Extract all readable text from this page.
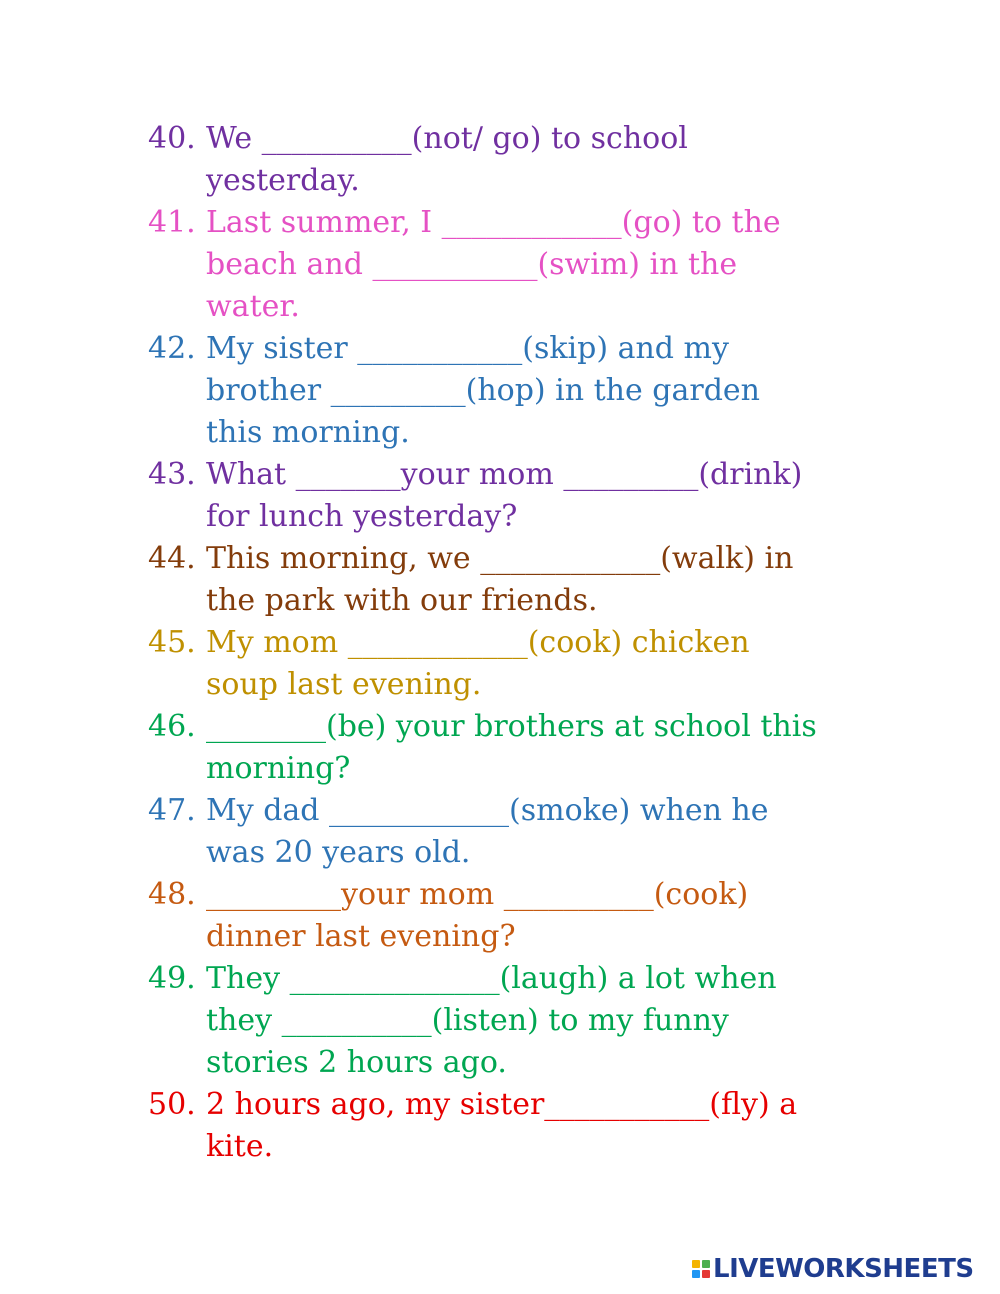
40. We __________(not/ go) to school
yesterday.
41. Last summer, I ____________(go) to the
beach and ___________(swim) in the
water.
42. My sister ___________(skip) and my
brother _________(hop) in the garden
this morning.
43. What _______your mom _________(drink)
for lunch yesterday?
44. This morning, we ____________(walk) in
the park with our friends.
45. My mom ____________(cook) chicken
soup last evening.
46. ________(be) your brothers at school this
morning?
47. My dad ____________(smoke) when he
was 20 years old.
48. _________your mom __________(cook)
dinner last evening?
49. They ______________(laugh) a lot when
they __________(listen) to my funny
stories 2 hours ago.
50. 2 hours ago, my sister___________(fly) a
kite.
LIVEWORKSHEETS
